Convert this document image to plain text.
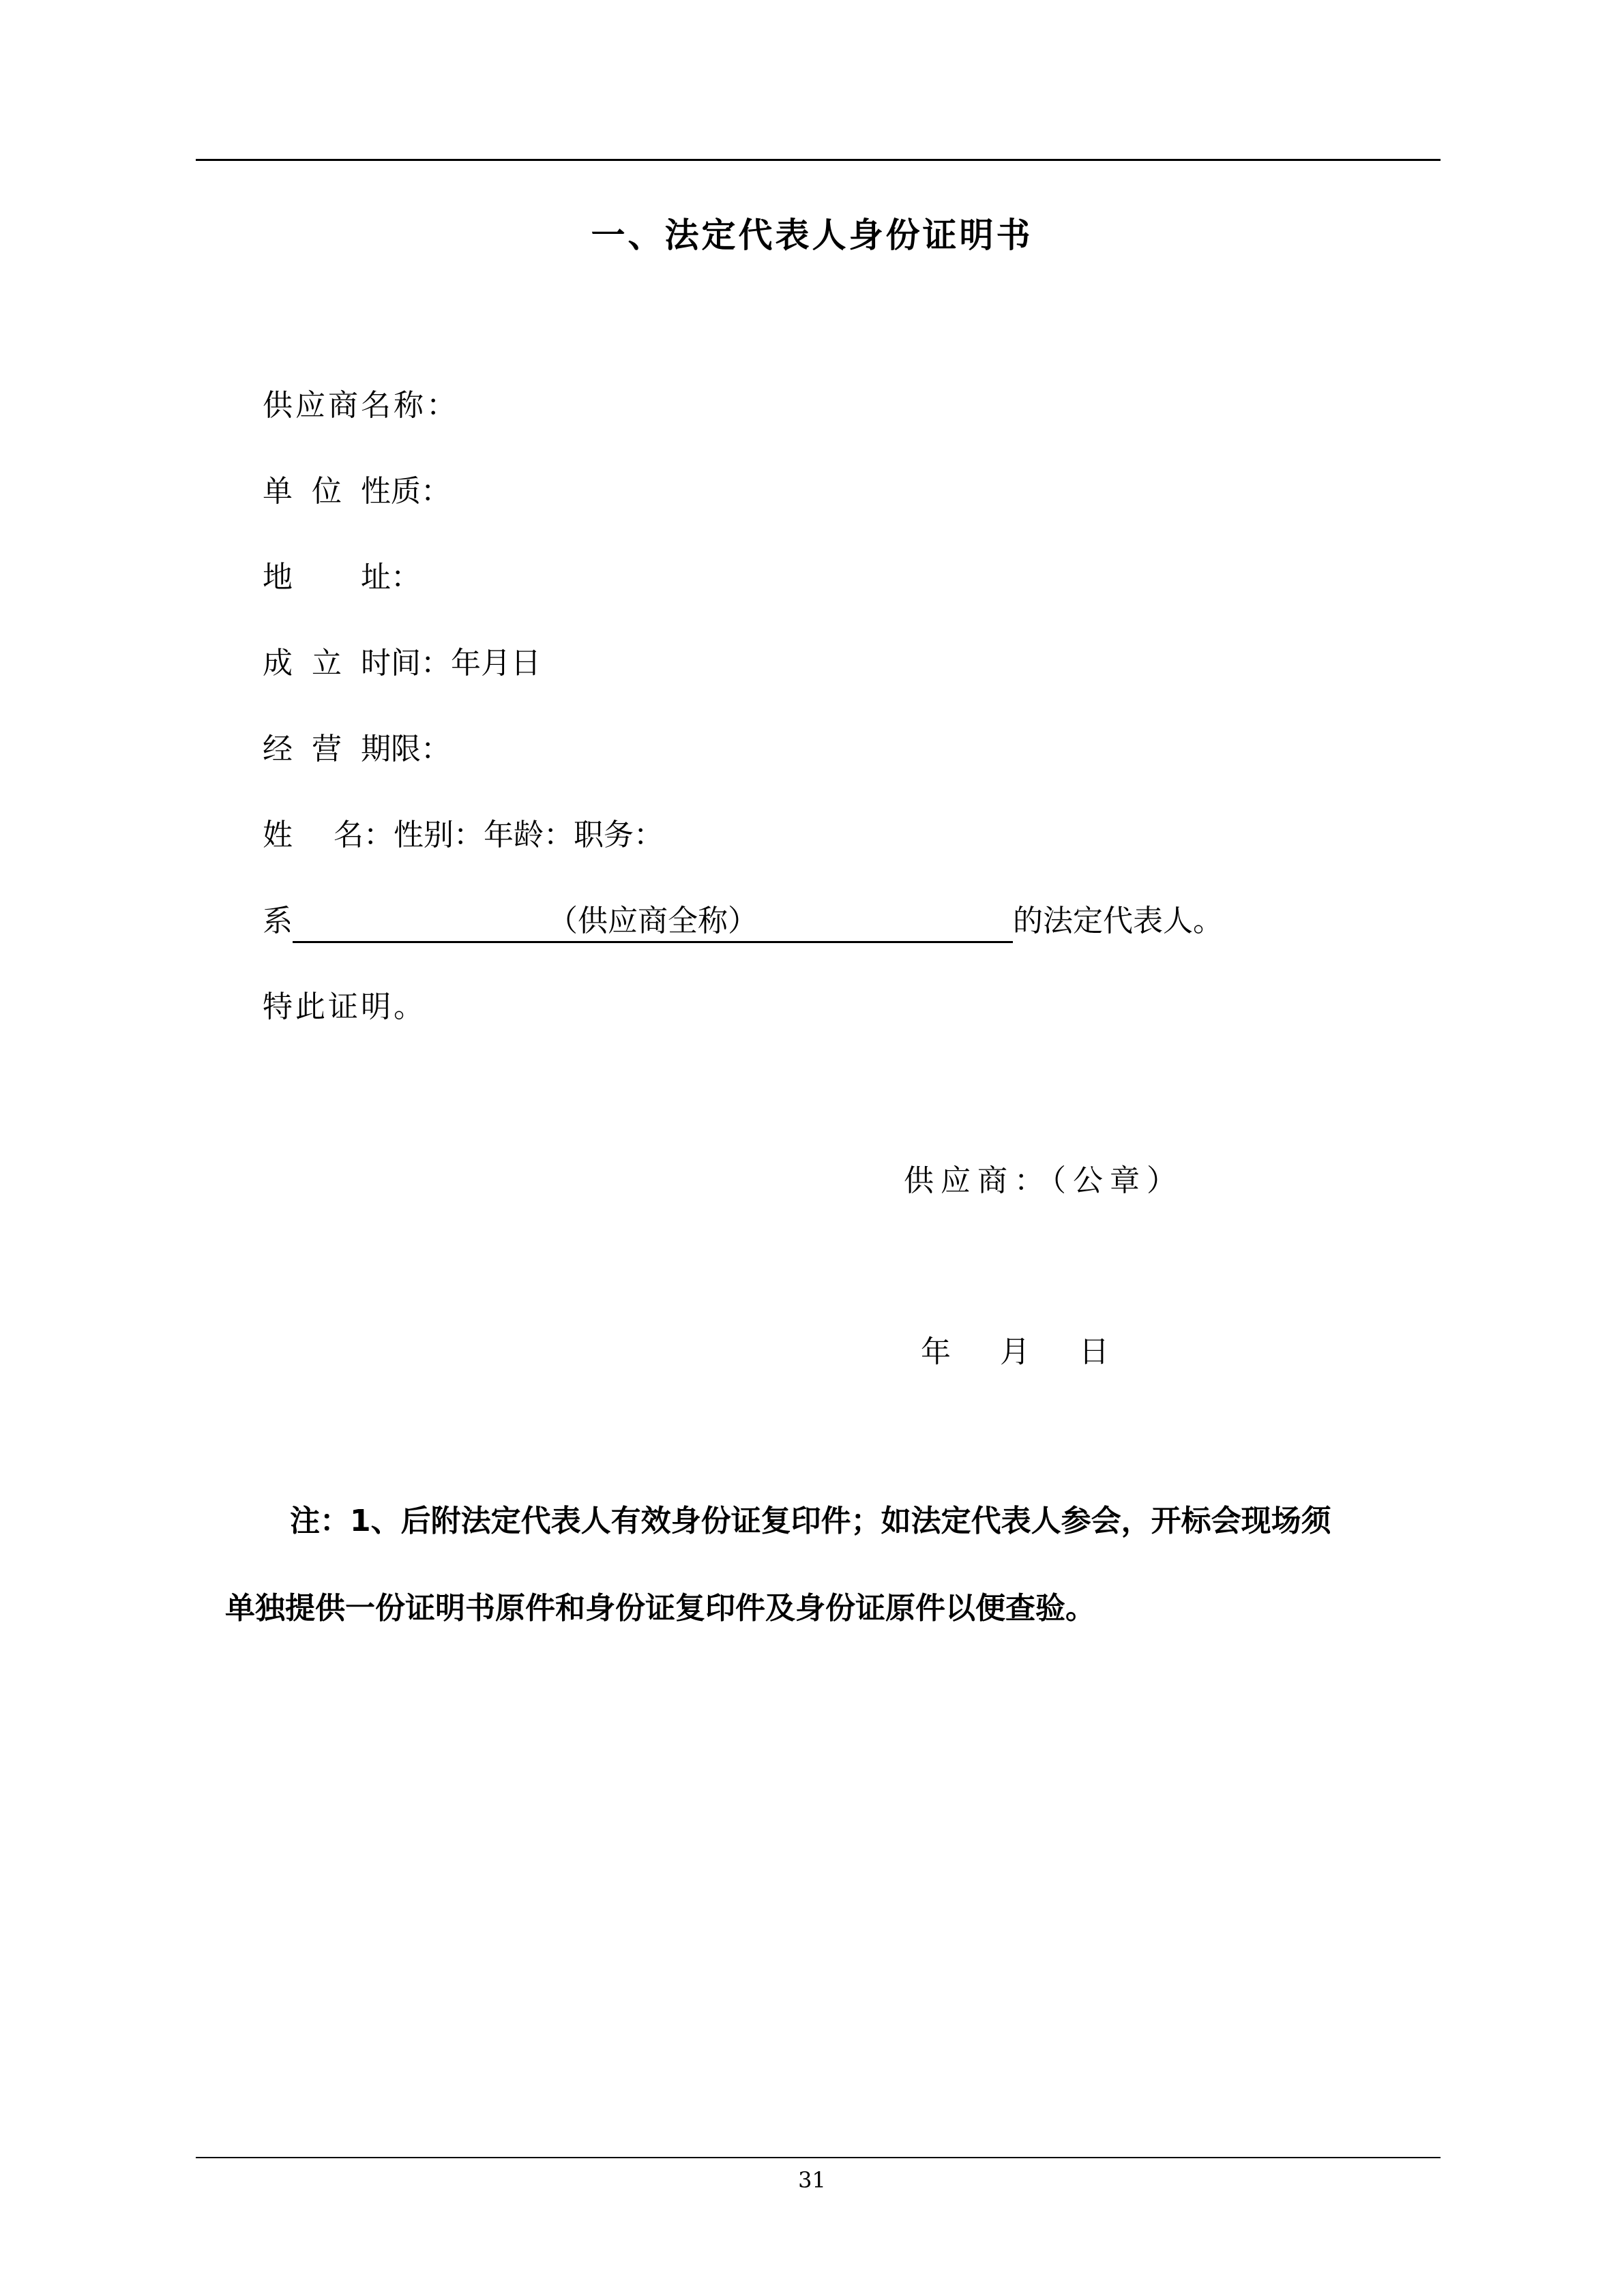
一、法定代表人身份证明书
供应商名称：
单 位 性质：
地 址：
成 立 时间：年月日
经 营 期限：
姓 名：性别：年龄：职务：
系	（供应商全称）	的法定代表人。
特此证明。
供应商：（公章）
年 月 日
注：1、后附法定代表人有效身份证复印件；如法定代表人参会，开标会现场须
单独提供一份证明书原件和身份证复印件及身份证原件以便查验。
31
